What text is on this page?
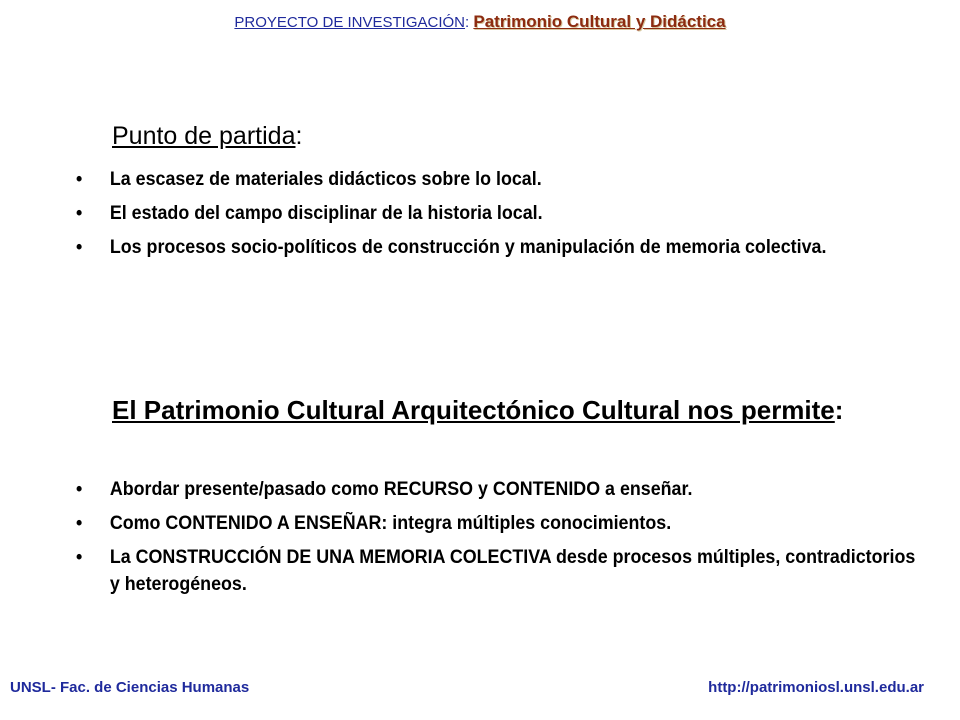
PROYECTO DE INVESTIGACIÓN: Patrimonio Cultural y Didáctica
Punto de partida:
• La escasez de materiales didácticos sobre lo local.
• El estado del campo disciplinar de la historia local.
• Los procesos socio-políticos de construcción y manipulación de memoria colectiva.
El Patrimonio Cultural Arquitectónico Cultural nos permite:
• Abordar presente/pasado como RECURSO y CONTENIDO a enseñar.
• Como CONTENIDO A ENSEÑAR: integra múltiples conocimientos.
• La CONSTRUCCIÓN DE UNA MEMORIA COLECTIVA desde procesos múltiples, contradictorios y heterogéneos.
UNSL- Fac. de Ciencias Humanas	http://patrimoniosl.unsl.edu.ar
